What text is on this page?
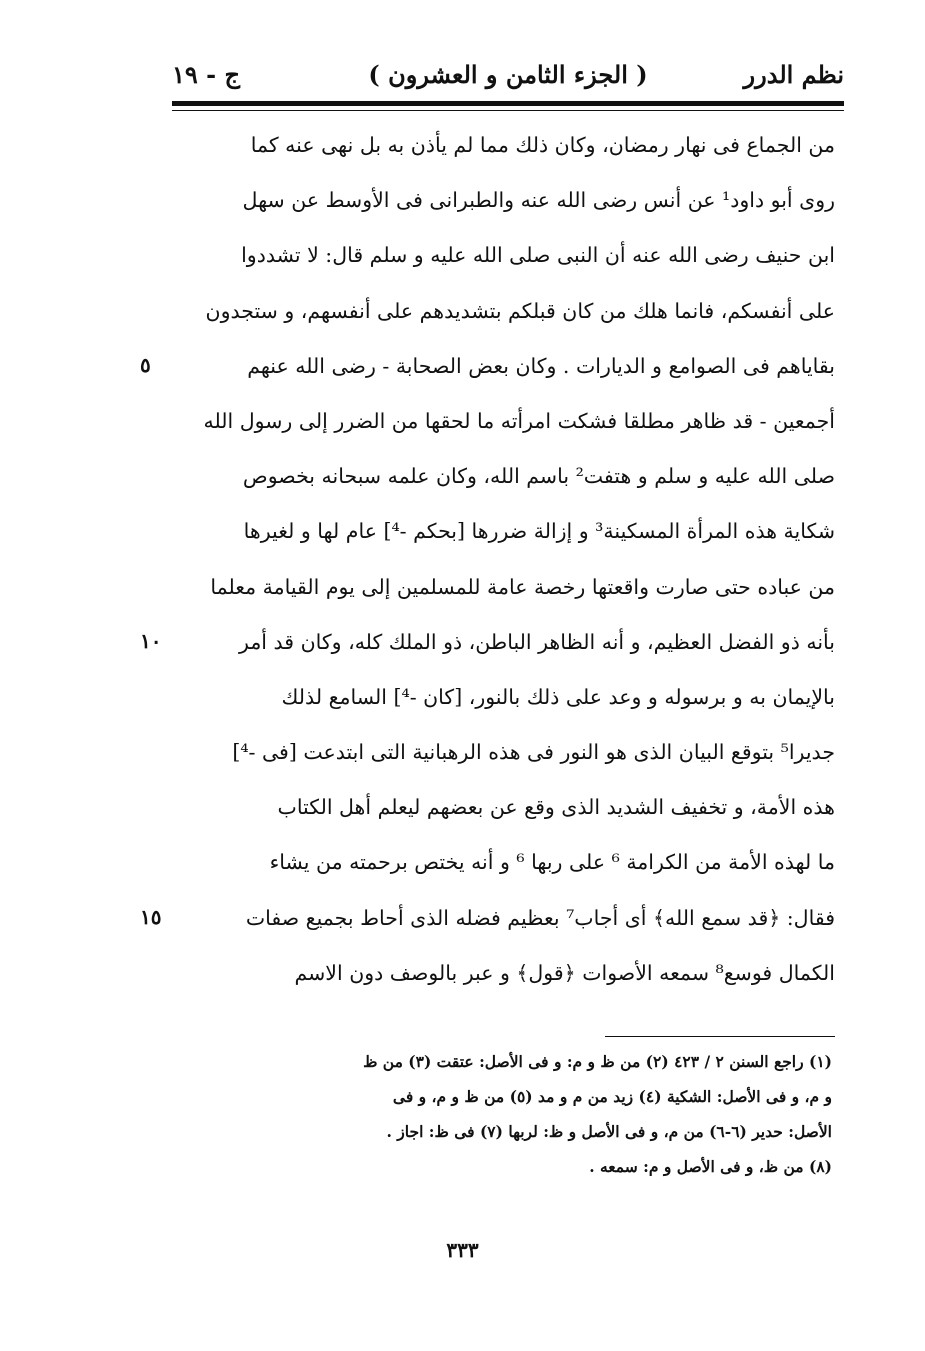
نظم الدرر
( الجزء الثامن و العشرون )
ج - ١٩
من الجماع فى نهار رمضان، وكان ذلك مما لم يأذن به بل نهى عنه كما
روى أبو داود¹ عن أنس رضى الله عنه والطبرانى فى الأوسط عن سهل
ابن حنيف رضى الله عنه أن النبى صلى الله عليه و سلم قال: لا تشددوا
على أنفسكم، فانما هلك من كان قبلكم بتشديدهم على أنفسهم، و ستجدون
بقاياهم فى الصوامع و الديارات . وكان بعض الصحابة - رضى الله عنهم
أجمعين - قد ظاهر مطلقا فشكت امرأته ما لحقها من الضرر إلى رسول الله
صلى الله عليه و سلم و هتفت² باسم الله، وكان علمه سبحانه بخصوص
شكاية هذه المرأة المسكينة³ و إزالة ضررها [بحكم -⁴] عام لها و لغيرها
من عباده حتى صارت واقعتها رخصة عامة للمسلمين إلى يوم القيامة معلما
بأنه ذو الفضل العظيم، و أنه الظاهر الباطن، ذو الملك كله، وكان قد أمر
بالإيمان به و برسوله و وعد على ذلك بالنور، [كان -⁴] السامع لذلك
جديرا⁵ بتوقع البيان الذى هو النور فى هذه الرهبانية التى ابتدعت [فى -⁴]
هذه الأمة، و تخفيف الشديد الذى وقع عن بعضهم ليعلم أهل الكتاب
ما لهذه الأمة من الكرامة ⁶ على ربها ⁶ و أنه يختص برحمته من يشاء
فقال: ﴿قد سمع الله﴾ أى أجاب⁷ بعظيم فضله الذى أحاط بجميع صفات
الكمال فوسع⁸ سمعه الأصوات ﴿قول﴾ و عبر بالوصف دون الاسم
٥
١٠
١٥
(١) راجع السنن ٢ / ٤٢٣ (٢) من ظ و م: و فى الأصل: عتقت (٣) من ظ
و م، و فى الأصل: الشكية (٤) زيد من م و مد (٥) من ظ و م، و فى
الأصل: حدير (٦-٦) من م، و فى الأصل و ظ: لربها (٧) فى ظ: اجاز .
(٨) من ظ، و فى الأصل و م: سمعه .
٣٣٣
